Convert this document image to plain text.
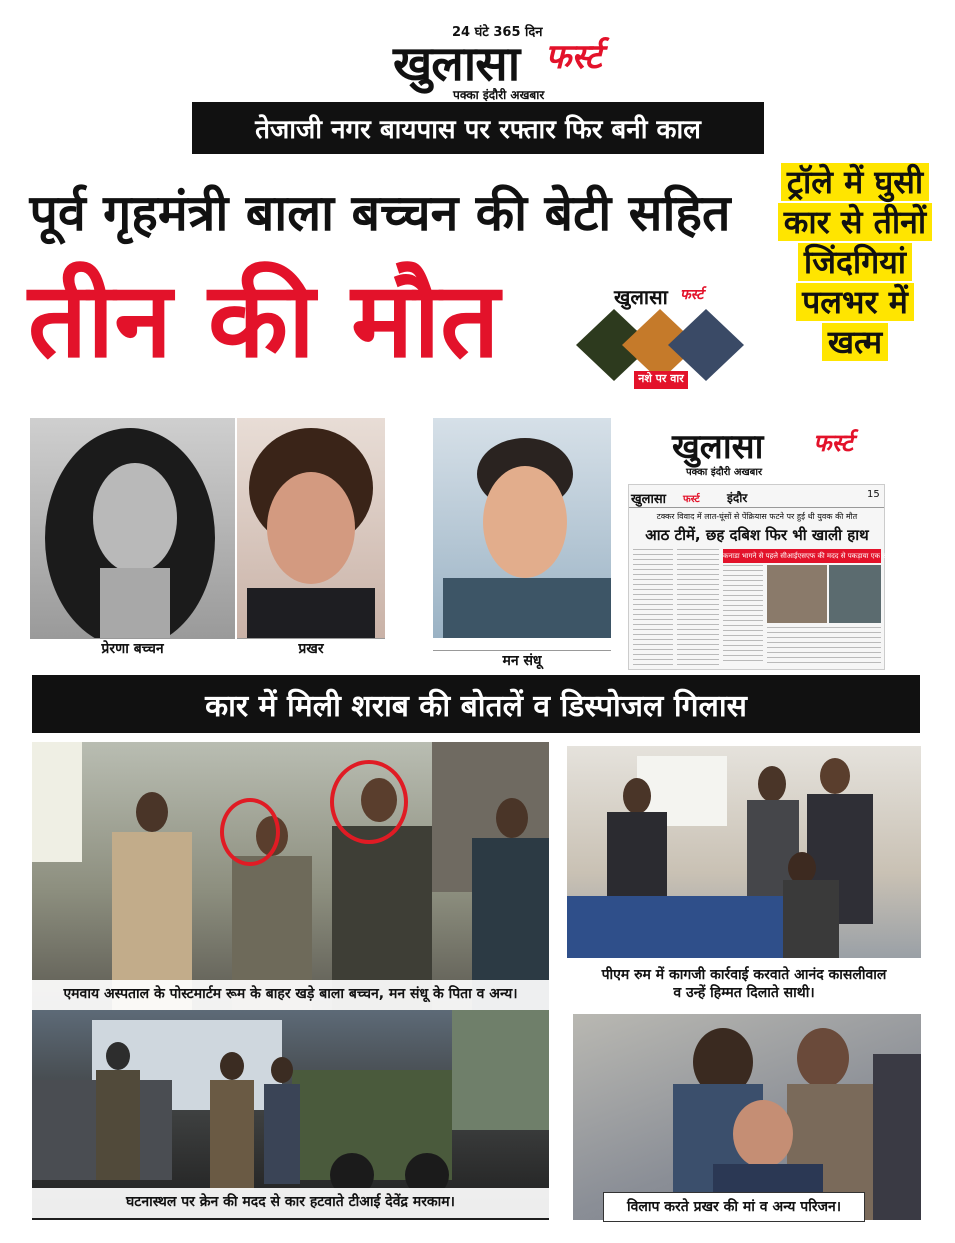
24 घंटे 365 दिन
खुलासा फर्स्ट
पक्का इंदौरी अखबार
तेजाजी नगर बायपास पर रफ्तार फिर बनी काल
पूर्व गृहमंत्री बाला बच्चन की बेटी सहित
तीन की मौत
ट्रॉले में घुसी
कार से तीनों
जिंदगियां
पलभर में
खत्म
खुलासा फर्स्ट
नशे पर वार
प्रेरणा बच्चन	प्रखर
मन संधू
खुलासा फर्स्ट
पक्का इंदौरी अखबार
खुलासा फर्स्ट इंदौर	15
टक्कर विवाद में लात-घूंसों से पेंक्रियास फटने पर हुई थी युवक की मौत
आठ टीमें, छह दबिश फिर भी खाली हाथ
कनाडा भागने से पहले सीआईएसएफ की मदद से पकड़ाया एक आरोपी
कार में मिली शराब की बोतलें व डिस्पोजल गिलास
एमवाय अस्पताल के पोस्टमार्टम रूम के बाहर खड़े बाला बच्चन, मन संधू के पिता व अन्य।
पीएम रुम में कागजी कार्रवाई करवाते आनंद कासलीवाल
व उन्हें हिम्मत दिलाते साथी।
घटनास्थल पर क्रेन की मदद से कार हटवाते टीआई देवेंद्र मरकाम।	विलाप करते प्रखर की मां व अन्य परिजन।
